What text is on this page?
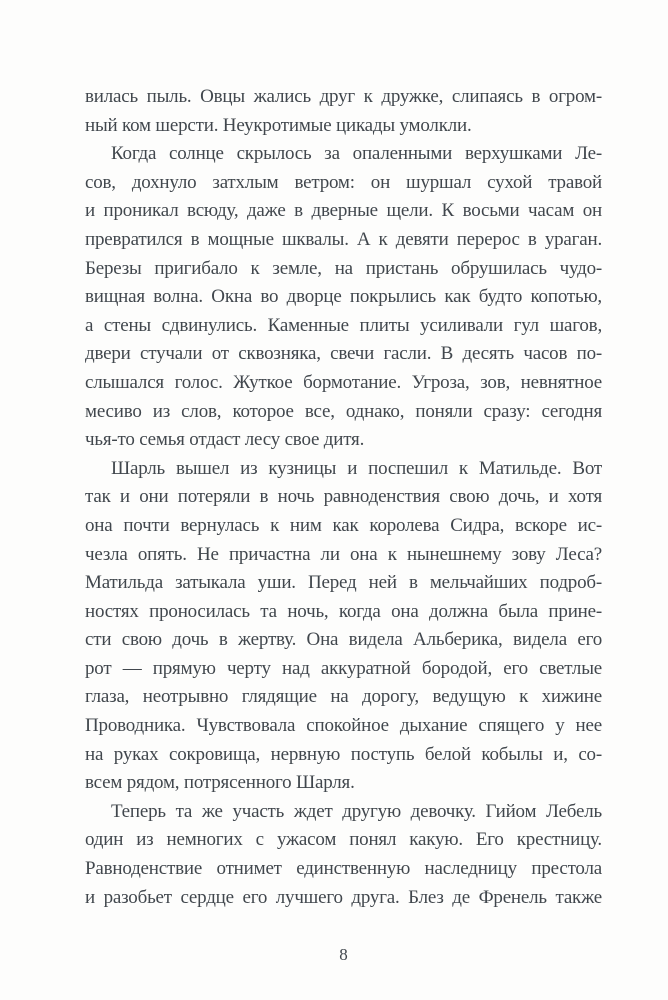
вилась пыль. Овцы жались друг к дружке, слипаясь в огром-
ный ком шерсти. Неукротимые цикады умолкли.
Когда солнце скрылось за опаленными верхушками Ле-
сов, дохнуло затхлым ветром: он шуршал сухой травой
и проникал всюду, даже в дверные щели. К восьми часам он
превратился в мощные шквалы. А к девяти перерос в ураган.
Березы пригибало к земле, на пристань обрушилась чудо-
вищная волна. Окна во дворце покрылись как будто копотью,
а стены сдвинулись. Каменные плиты усиливали гул шагов,
двери стучали от сквозняка, свечи гасли. В десять часов по-
слышался голос. Жуткое бормотание. Угроза, зов, невнятное
месиво из слов, которое все, однако, поняли сразу: сегодня
чья-то семья отдаст лесу свое дитя.
Шарль вышел из кузницы и поспешил к Матильде. Вот
так и они потеряли в ночь равноденствия свою дочь, и хотя
она почти вернулась к ним как королева Сидра, вскоре ис-
чезла опять. Не причастна ли она к нынешнему зову Леса?
Матильда затыкала уши. Перед ней в мельчайших подроб-
ностях проносилась та ночь, когда она должна была прине-
сти свою дочь в жертву. Она видела Альберика, видела его
рот — прямую черту над аккуратной бородой, его светлые
глаза, неотрывно глядящие на дорогу, ведущую к хижине
Проводника. Чувствовала спокойное дыхание спящего у нее
на руках сокровища, нервную поступь белой кобылы и, со-
всем рядом, потрясенного Шарля.
Теперь та же участь ждет другую девочку. Гийом Лебель
один из немногих с ужасом понял какую. Его крестницу.
Равноденствие отнимет единственную наследницу престола
и разобьет сердце его лучшего друга. Блез де Френель также
8
